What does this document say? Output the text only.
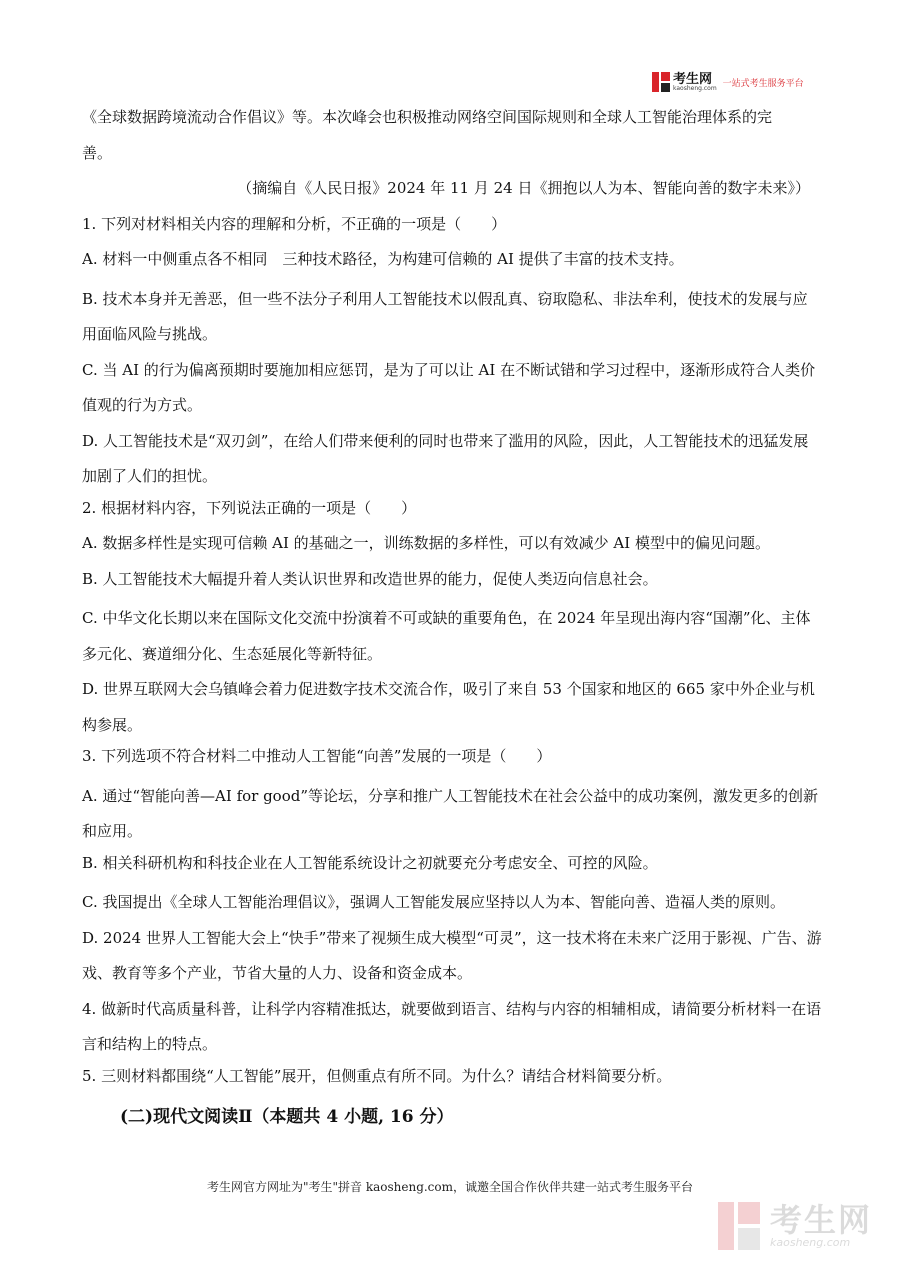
考生网
kaosheng.com 一站式考生服务平台
《全球数据跨境流动合作倡议》等。本次峰会也积极推动网络空间国际规则和全球人工智能治理体系的完
善。
（摘编自《人民日报》2024 年 11 月 24 日《拥抱以人为本、智能向善的数字未来》）
1. 下列对材料相关内容的理解和分析，不正确的一项是（　　）
A. 材料一中侧重点各不相同　三种技术路径，为构建可信赖的 AI 提供了丰富的技术支持。
B. 技术本身并无善恶，但一些不法分子利用人工智能技术以假乱真、窃取隐私、非法牟利，使技术的发展与应用面临风险与挑战。
C. 当 AI 的行为偏离预期时要施加相应惩罚，是为了可以让 AI 在不断试错和学习过程中，逐渐形成符合人类价值观的行为方式。
D. 人工智能技术是“双刃剑”，在给人们带来便利的同时也带来了滥用的风险，因此，人工智能技术的迅猛发展加剧了人们的担忧。
2. 根据材料内容，下列说法正确的一项是（　　）
A. 数据多样性是实现可信赖 AI 的基础之一，训练数据的多样性，可以有效减少 AI 模型中的偏见问题。
B. 人工智能技术大幅提升着人类认识世界和改造世界的能力，促使人类迈向信息社会。
C. 中华文化长期以来在国际文化交流中扮演着不可或缺的重要角色，在 2024 年呈现出海内容“国潮”化、主体多元化、赛道细分化、生态延展化等新特征。
D. 世界互联网大会乌镇峰会着力促进数字技术交流合作，吸引了来自 53 个国家和地区的 665 家中外企业与机构参展。
3. 下列选项不符合材料二中推动人工智能“向善”发展的一项是（　　）
A. 通过“智能向善—AI for good”等论坛，分享和推广人工智能技术在社会公益中的成功案例，激发更多的创新和应用。
B. 相关科研机构和科技企业在人工智能系统设计之初就要充分考虑安全、可控的风险。
C. 我国提出《全球人工智能治理倡议》，强调人工智能发展应坚持以人为本、智能向善、造福人类的原则。
D. 2024 世界人工智能大会上“快手”带来了视频生成大模型“可灵”，这一技术将在未来广泛用于影视、广告、游戏、教育等多个产业，节省大量的人力、设备和资金成本。
4. 做新时代高质量科普，让科学内容精准抵达，就要做到语言、结构与内容的相辅相成，请简要分析材料一在语言和结构上的特点。
5. 三则材料都围绕“人工智能”展开，但侧重点有所不同。为什么？请结合材料简要分析。
(二)现代文阅读Ⅱ（本题共 4 小题, 16 分）
考生网官方网址为"考生"拼音 kaosheng.com，诚邀全国合作伙伴共建一站式考生服务平台
考生网
kaosheng.com
